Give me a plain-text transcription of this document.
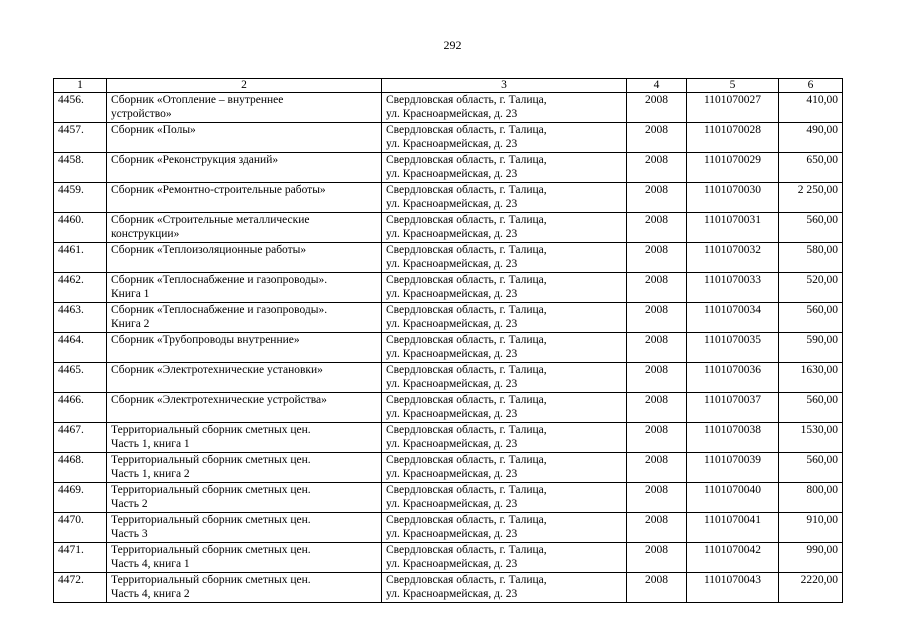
292
1	2	3	4	5	6
4456.	Сборник «Отопление – внутреннее
устройство»	Свердловская область, г. Талица,
ул. Красноармейская, д. 23	2008	1101070027	410,00
4457.	Сборник «Полы»	Свердловская область, г. Талица,
ул. Красноармейская, д. 23	2008	1101070028	490,00
4458.	Сборник «Реконструкция зданий»	Свердловская область, г. Талица,
ул. Красноармейская, д. 23	2008	1101070029	650,00
4459.	Сборник «Ремонтно-строительные работы»	Свердловская область, г. Талица,
ул. Красноармейская, д. 23	2008	1101070030	2 250,00
4460.	Сборник «Строительные металлические
конструкции»	Свердловская область, г. Талица,
ул. Красноармейская, д. 23	2008	1101070031	560,00
4461.	Сборник «Теплоизоляционные работы»	Свердловская область, г. Талица,
ул. Красноармейская, д. 23	2008	1101070032	580,00
4462.	Сборник «Теплоснабжение и газопроводы».
Книга 1	Свердловская область, г. Талица,
ул. Красноармейская, д. 23	2008	1101070033	520,00
4463.	Сборник «Теплоснабжение и газопроводы».
Книга 2	Свердловская область, г. Талица,
ул. Красноармейская, д. 23	2008	1101070034	560,00
4464.	Сборник «Трубопроводы внутренние»	Свердловская область, г. Талица,
ул. Красноармейская, д. 23	2008	1101070035	590,00
4465.	Сборник «Электротехнические установки»	Свердловская область, г. Талица,
ул. Красноармейская, д. 23	2008	1101070036	1630,00
4466.	Сборник «Электротехнические устройства»	Свердловская область, г. Талица,
ул. Красноармейская, д. 23	2008	1101070037	560,00
4467.	Территориальный сборник сметных цен.
Часть 1, книга 1	Свердловская область, г. Талица,
ул. Красноармейская, д. 23	2008	1101070038	1530,00
4468.	Территориальный сборник сметных цен.
Часть 1, книга 2	Свердловская область, г. Талица,
ул. Красноармейская, д. 23	2008	1101070039	560,00
4469.	Территориальный сборник сметных цен.
Часть 2	Свердловская область, г. Талица,
ул. Красноармейская, д. 23	2008	1101070040	800,00
4470.	Территориальный сборник сметных цен.
Часть 3	Свердловская область, г. Талица,
ул. Красноармейская, д. 23	2008	1101070041	910,00
4471.	Территориальный сборник сметных цен.
Часть 4, книга 1	Свердловская область, г. Талица,
ул. Красноармейская, д. 23	2008	1101070042	990,00
4472.	Территориальный сборник сметных цен.
Часть 4, книга 2	Свердловская область, г. Талица,
ул. Красноармейская, д. 23	2008	1101070043	2220,00
